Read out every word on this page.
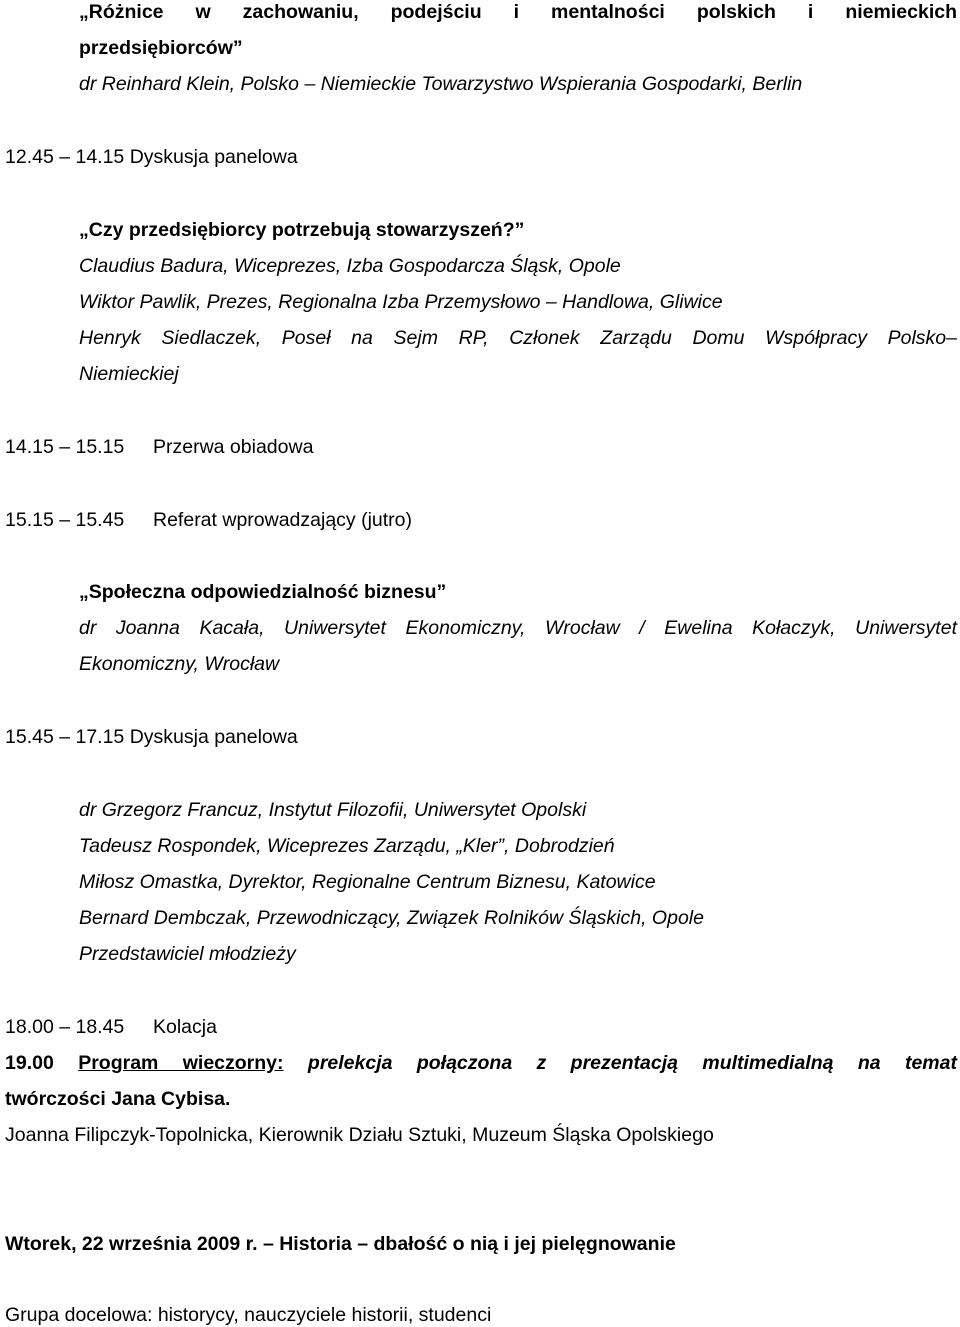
„Różnice w zachowaniu, podejściu i mentalności polskich i niemieckich
przedsiębiorców”
dr Reinhard Klein, Polsko – Niemieckie Towarzystwo Wspierania Gospodarki, Berlin
12.45 – 14.15 Dyskusja panelowa
„Czy przedsiębiorcy potrzebują stowarzyszeń?”
Claudius Badura, Wiceprezes, Izba Gospodarcza Śląsk, Opole
Wiktor Pawlik, Prezes, Regionalna Izba Przemysłowo – Handlowa, Gliwice
Henryk Siedlaczek, Poseł na Sejm RP, Członek Zarządu Domu Współpracy Polsko–
Niemieckiej
14.15 – 15.15 Przerwa obiadowa
15.15 – 15.45 Referat wprowadzający (jutro)
„Społeczna odpowiedzialność biznesu”
dr Joanna Kacała, Uniwersytet Ekonomiczny, Wrocław / Ewelina Kołaczyk, Uniwersytet
Ekonomiczny, Wrocław
15.45 – 17.15 Dyskusja panelowa
dr Grzegorz Francuz, Instytut Filozofii, Uniwersytet Opolski
Tadeusz Rospondek, Wiceprezes Zarządu, „Kler”, Dobrodzień
Miłosz Omastka, Dyrektor, Regionalne Centrum Biznesu, Katowice
Bernard Dembczak, Przewodniczący, Związek Rolników Śląskich, Opole
Przedstawiciel młodzieży
18.00 – 18.45 Kolacja
19.00 Program wieczorny: prelekcja połączona z prezentacją multimedialną na temat
twórczości Jana Cybisa.
Joanna Filipczyk-Topolnicka, Kierownik Działu Sztuki, Muzeum Śląska Opolskiego
Wtorek, 22 września 2009 r. – Historia – dbałość o nią i jej pielęgnowanie
Grupa docelowa: historycy, nauczyciele historii, studenci
